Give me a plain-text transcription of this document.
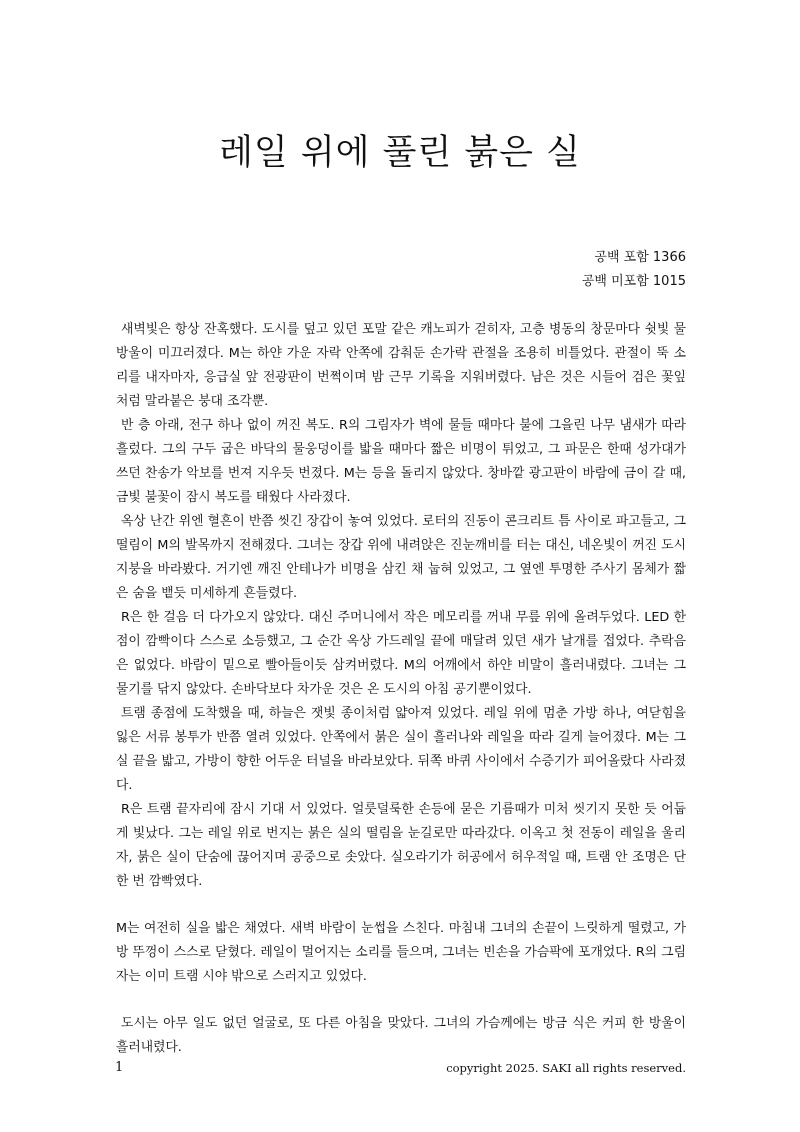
레일 위에 풀린 붉은 실
공백 포함 1366
공백 미포함 1015

새벽빛은 항상 잔혹했다. 도시를 덮고 있던 포말 같은 캐노피가 걷히자, 고층 병동의 창문마다 쉿빛 물방울이 미끄러졌다. M는 하얀 가운 자락 안쪽에 감춰둔 손가락 관절을 조용히 비틀었다. 관절이 뚝 소리를 내자마자, 응급실 앞 전광판이 번쩍이며 밤 근무 기록을 지워버렸다. 남은 것은 시들어 검은 꽃잎처럼 말라붙은 붕대 조각뿐.

반 층 아래, 전구 하나 없이 꺼진 복도. R의 그림자가 벽에 물들 때마다 불에 그을린 나무 냄새가 따라 흘렀다. 그의 구두 굽은 바닥의 물웅덩이를 밟을 때마다 짧은 비명이 튀었고, 그 파문은 한때 성가대가 쓰던 찬송가 악보를 번져 지우듯 번졌다. M는 등을 돌리지 않았다. 창바깥 광고판이 바람에 금이 갈 때, 금빛 불꽃이 잠시 복도를 태웠다 사라졌다.

옥상 난간 위엔 혈흔이 반쯤 씻긴 장갑이 놓여 있었다. 로터의 진동이 콘크리트 틈 사이로 파고들고, 그 떨림이 M의 발목까지 전해졌다. 그녀는 장갑 위에 내려앉은 진눈깨비를 터는 대신, 네온빛이 꺼진 도시 지붕을 바라봤다. 거기엔 깨진 안테나가 비명을 삼킨 채 눕혀 있었고, 그 옆엔 투명한 주사기 몸체가 짧은 숨을 뱉듯 미세하게 흔들렸다.

R은 한 걸음 더 다가오지 않았다. 대신 주머니에서 작은 메모리를 꺼내 무릎 위에 올려두었다. LED 한 점이 깜빡이다 스스로 소등했고, 그 순간 옥상 가드레일 끝에 매달려 있던 새가 날개를 접었다. 추락음은 없었다. 바람이 밑으로 빨아들이듯 삼켜버렸다. M의 어깨에서 하얀 비말이 흘러내렸다. 그녀는 그 물기를 닦지 않았다. 손바닥보다 차가운 것은 온 도시의 아침 공기뿐이었다.

트램 종점에 도착했을 때, 하늘은 잿빛 종이처럼 얇아져 있었다. 레일 위에 멈춘 가방 하나, 여닫힘을 잃은 서류 봉투가 반쯤 열려 있었다. 안쪽에서 붉은 실이 흘러나와 레일을 따라 길게 늘어졌다. M는 그 실 끝을 밟고, 가방이 향한 어두운 터널을 바라보았다. 뒤쪽 바퀴 사이에서 수증기가 피어올랐다 사라졌다.

R은 트램 끝자리에 잠시 기대 서 있었다. 얼룻덜룩한 손등에 묻은 기름때가 미처 씻기지 못한 듯 어둡게 빛났다. 그는 레일 위로 번지는 붉은 실의 떨림을 눈길로만 따라갔다. 이옥고 첫 전동이 레일을 울리자, 붉은 실이 단숨에 끊어지며 공중으로 솟았다. 실오라기가 허공에서 허우적일 때, 트램 안 조명은 단 한 번 깜빡였다.

M는 여전히 실을 밟은 채였다. 새벽 바람이 눈썹을 스친다. 마침내 그녀의 손끝이 느릿하게 떨렸고, 가방 뚜껑이 스스로 닫혔다. 레일이 멀어지는 소리를 들으며, 그녀는 빈손을 가슴팍에 포개었다. R의 그림자는 이미 트램 시야 밖으로 스러지고 있었다.

도시는 아무 일도 없던 얼굴로, 또 다른 아침을 맞았다. 그녀의 가슴께에는 방금 식은 커피 한 방울이 흘러내렸다.

1	copyright 2025. SAKI all rights reserved.
